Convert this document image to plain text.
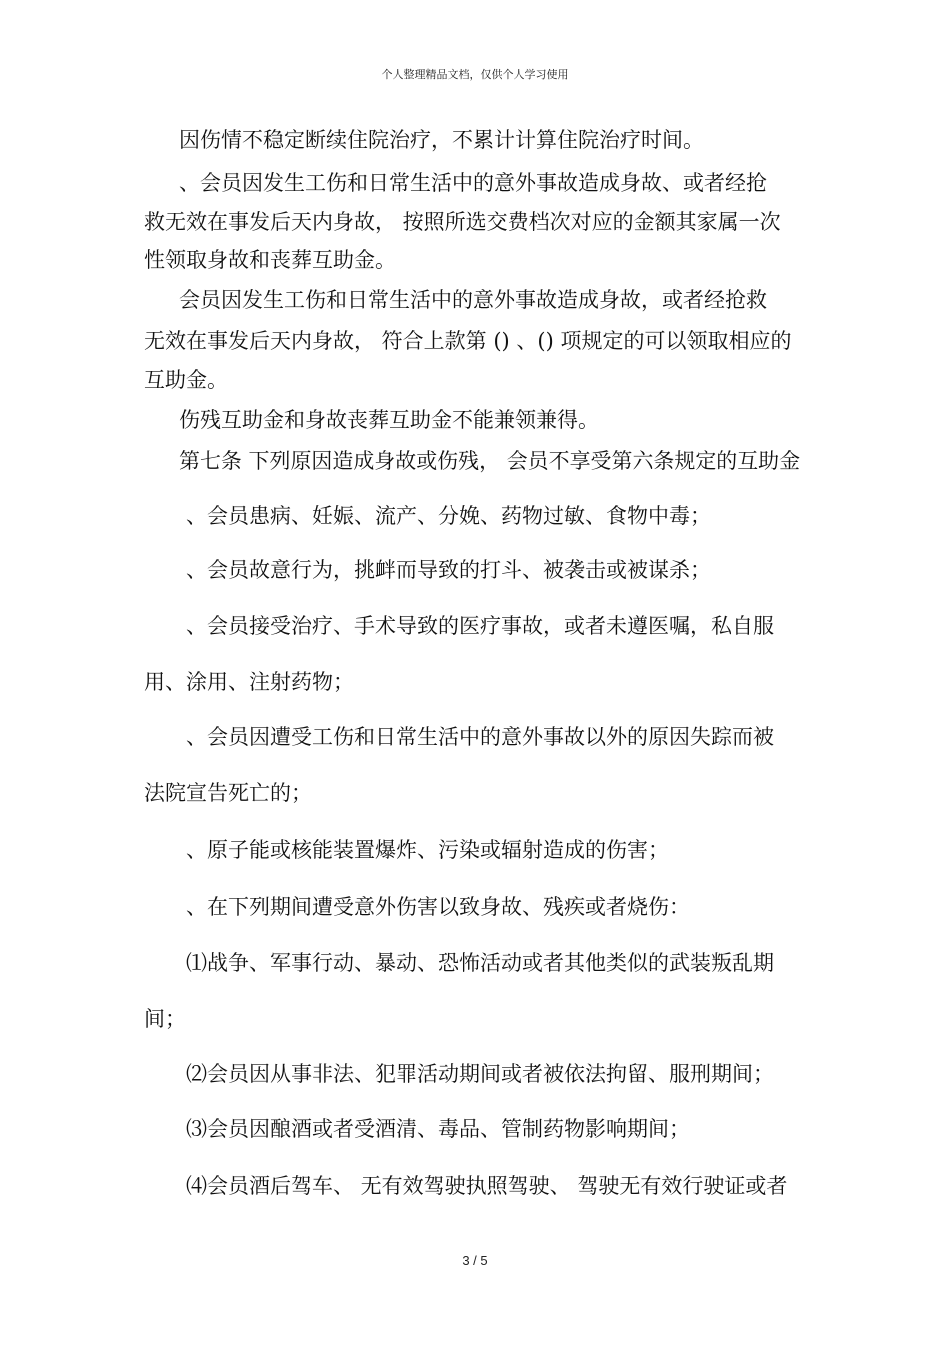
个人整理精品文档，仅供个人学习使用
因伤情不稳定断续住院治疗，不累计计算住院治疗时间。
、会员因发生工伤和日常生活中的意外事故造成身故、或者经抢
救无效在事发后天内身故， 按照所选交费档次对应的金额其家属一次
性领取身故和丧葬互助金。
会员因发生工伤和日常生活中的意外事故造成身故，或者经抢救
无效在事发后天内身故， 符合上款第 () 、() 项规定的可以领取相应的
互助金。
伤残互助金和身故丧葬互助金不能兼领兼得。
第七条 下列原因造成身故或伤残， 会员不享受第六条规定的互助金
、会员患病、妊娠、流产、分娩、药物过敏、食物中毒；
、会员故意行为，挑衅而导致的打斗、被袭击或被谋杀；
、会员接受治疗、手术导致的医疗事故，或者未遵医嘱，私自服
用、涂用、注射药物；
、会员因遭受工伤和日常生活中的意外事故以外的原因失踪而被
法院宣告死亡的；
、原子能或核能装置爆炸、污染或辐射造成的伤害；
、在下列期间遭受意外伤害以致身故、残疾或者烧伤：
⑴战争、军事行动、暴动、恐怖活动或者其他类似的武装叛乱期
间；
⑵会员因从事非法、犯罪活动期间或者被依法拘留、服刑期间；
⑶会员因酿酒或者受酒清、毒品、管制药物影响期间；
⑷会员酒后驾车、 无有效驾驶执照驾驶、 驾驶无有效行驶证或者
3 / 5
